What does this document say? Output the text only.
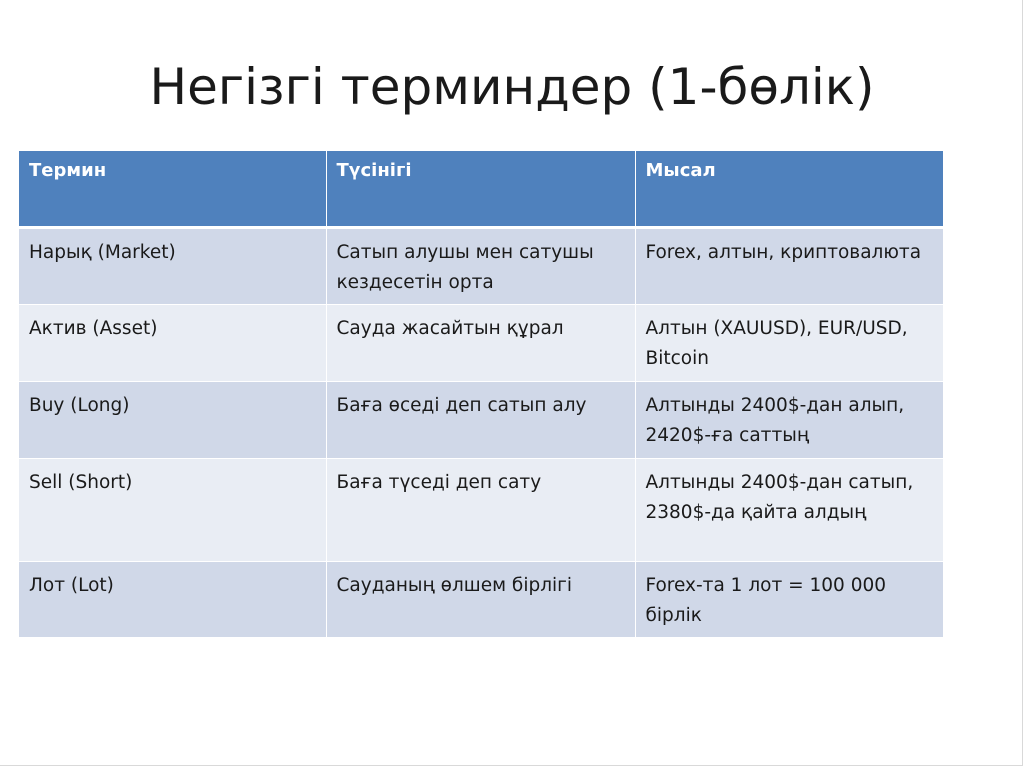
Негізгі терминдер (1-бөлік)
Термин	Түсінігі	Мысал
Нарық (Market)	Сатып алушы мен сатушы кездесетін орта	Forex, алтын, криптовалюта
Актив (Asset)	Сауда жасайтын құрал	Алтын (XAUUSD), EUR/USD, Bitcoin
Buy (Long)	Баға өседі деп сатып алу	Алтынды 2400$-дан алып, 2420$-ға саттың
Sell (Short)	Баға түседі деп сату	Алтынды 2400$-дан сатып, 2380$-да қайта алдың
Лот (Lot)	Сауданың өлшем бірлігі	Forex-та 1 лот = 100 000 бірлік
